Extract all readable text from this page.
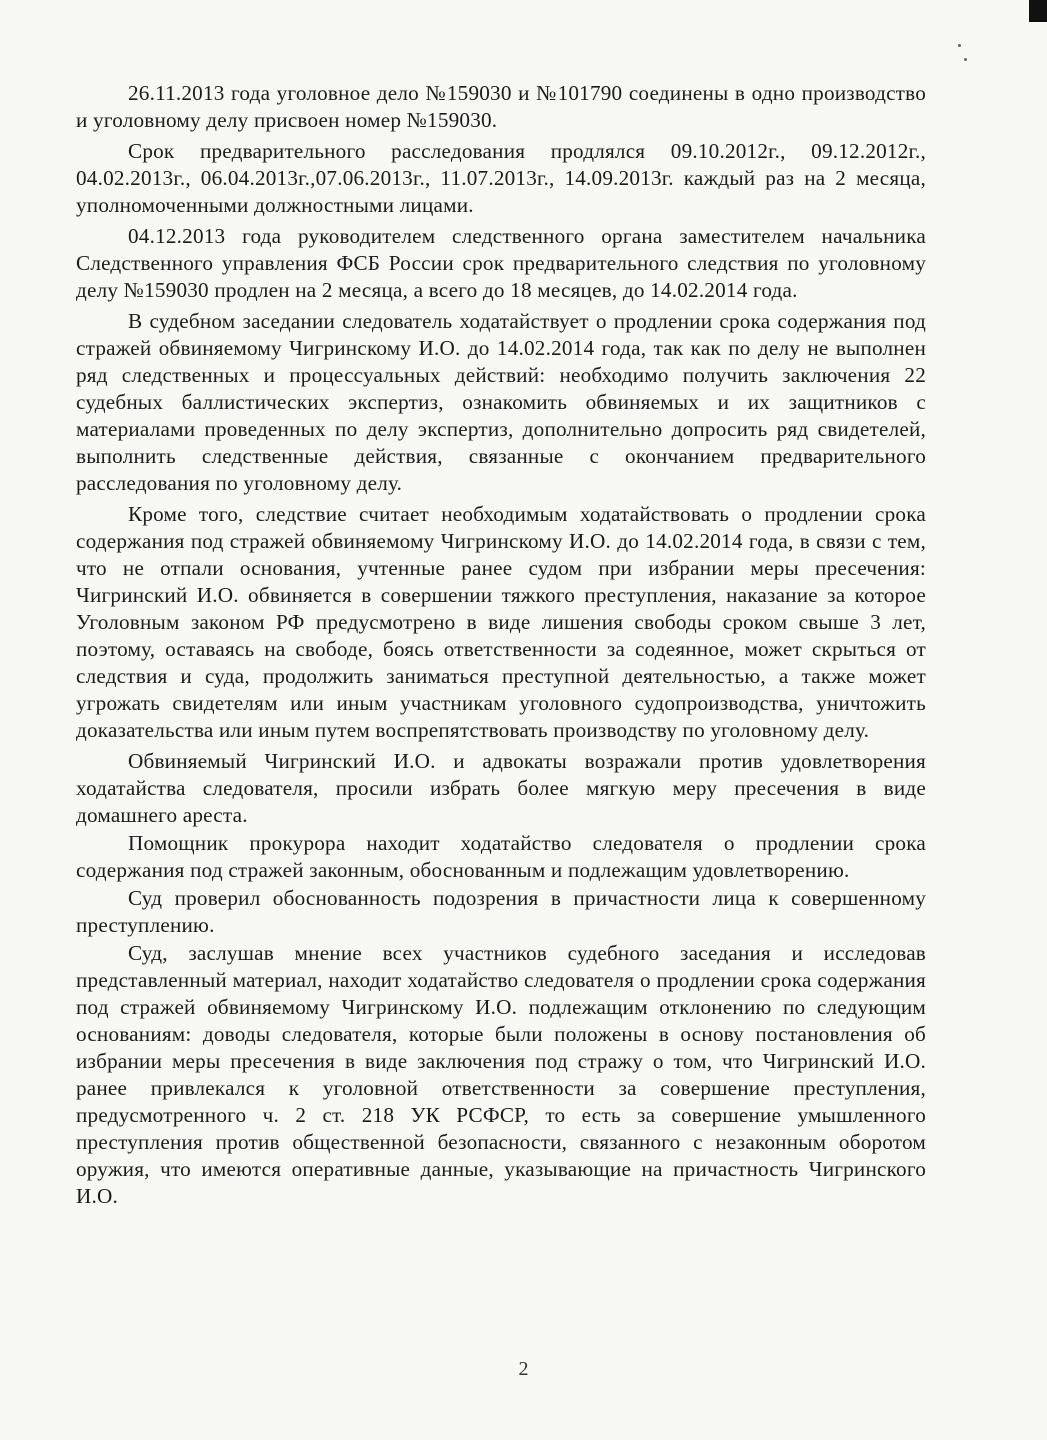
26.11.2013 года уголовное дело №159030 и №101790 соединены в одно производство и уголовному делу присвоен номер №159030.

Срок предварительного расследования продлялся 09.10.2012г., 09.12.2012г., 04.02.2013г., 06.04.2013г.,07.06.2013г., 11.07.2013г., 14.09.2013г. каждый раз на 2 месяца, уполномоченными должностными лицами.

04.12.2013 года руководителем следственного органа заместителем начальника Следственного управления ФСБ России срок предварительного следствия по уголовному делу №159030 продлен на 2 месяца, а всего до 18 месяцев, до 14.02.2014 года.

В судебном заседании следователь ходатайствует о продлении срока содержания под стражей обвиняемому Чигринскому И.О. до 14.02.2014 года, так как по делу не выполнен ряд следственных и процессуальных действий: необходимо получить заключения 22 судебных баллистических экспертиз, ознакомить обвиняемых и их защитников с материалами проведенных по делу экспертиз, дополнительно допросить ряд свидетелей, выполнить следственные действия, связанные с окончанием предварительного расследования по уголовному делу.

Кроме того, следствие считает необходимым ходатайствовать о продлении срока содержания под стражей обвиняемому Чигринскому И.О. до 14.02.2014 года, в связи с тем, что не отпали основания, учтенные ранее судом при избрании меры пресечения: Чигринский И.О. обвиняется в совершении тяжкого преступления, наказание за которое Уголовным законом РФ предусмотрено в виде лишения свободы сроком свыше 3 лет, поэтому, оставаясь на свободе, боясь ответственности за содеянное, может скрыться от следствия и суда, продолжить заниматься преступной деятельностью, а также может угрожать свидетелям или иным участникам уголовного судопроизводства, уничтожить доказательства или иным путем воспрепятствовать производству по уголовному делу.

Обвиняемый Чигринский И.О. и адвокаты возражали против удовлетворения ходатайства следователя, просили избрать более мягкую меру пресечения в виде домашнего ареста.

Помощник прокурора находит ходатайство следователя о продлении срока содержания под стражей законным, обоснованным и подлежащим удовлетворению.

Суд проверил обоснованность подозрения в причастности лица к совершенному преступлению.

Суд, заслушав мнение всех участников судебного заседания и исследовав представленный материал, находит ходатайство следователя о продлении срока содержания под стражей обвиняемому Чигринскому И.О. подлежащим отклонению по следующим основаниям: доводы следователя, которые были положены в основу постановления об избрании меры пресечения в виде заключения под стражу о том, что Чигринский И.О. ранее привлекался к уголовной ответственности за совершение преступления, предусмотренного ч. 2 ст. 218 УК РСФСР, то есть за совершение умышленного преступления против общественной безопасности, связанного с незаконным оборотом оружия, что имеются оперативные данные, указывающие на причастность Чигринского И.О.

2
